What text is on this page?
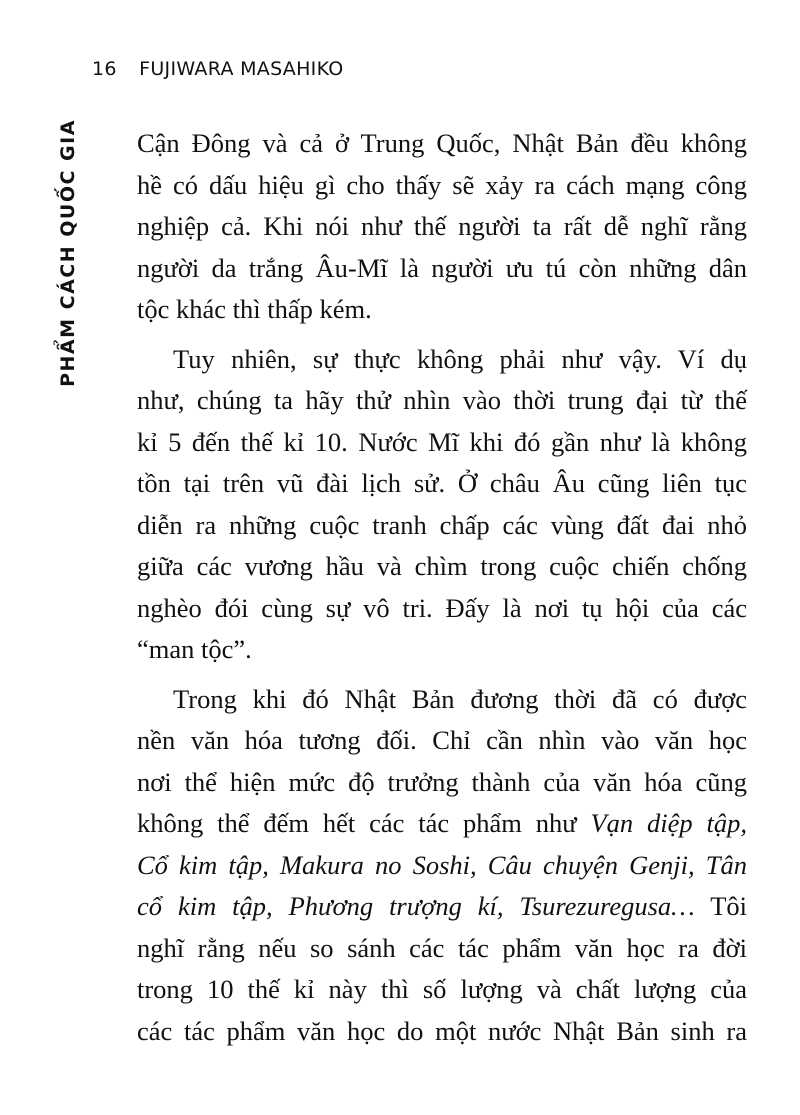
16 FUJIWARA MASAHIKO
PHẨM CÁCH QUỐC GIA Cận Đông và cả ở Trung Quốc, Nhật Bản đều không
hề có dấu hiệu gì cho thấy sẽ xảy ra cách mạng công
nghiệp cả. Khi nói như thế người ta rất dễ nghĩ rằng
người da trắng Âu-Mĩ là người ưu tú còn những dân
tộc khác thì thấp kém.
Tuy nhiên, sự thực không phải như vậy. Ví dụ
như, chúng ta hãy thử nhìn vào thời trung đại từ thế
kỉ 5 đến thế kỉ 10. Nước Mĩ khi đó gần như là không
tồn tại trên vũ đài lịch sử. Ở châu Âu cũng liên tục
diễn ra những cuộc tranh chấp các vùng đất đai nhỏ
giữa các vương hầu và chìm trong cuộc chiến chống
nghèo đói cùng sự vô tri. Đấy là nơi tụ hội của các
“man tộc”.
Trong khi đó Nhật Bản đương thời đã có được
nền văn hóa tương đối. Chỉ cần nhìn vào văn học
nơi thể hiện mức độ trưởng thành của văn hóa cũng
không thể đếm hết các tác phẩm như Vạn diệp tập,
Cổ kim tập, Makura no Soshi, Câu chuyện Genji, Tân
cổ kim tập, Phương trượng kí, Tsurezuregusa… Tôi
nghĩ rằng nếu so sánh các tác phẩm văn học ra đời
trong 10 thế kỉ này thì số lượng và chất lượng của
các tác phẩm văn học do một nước Nhật Bản sinh ra
